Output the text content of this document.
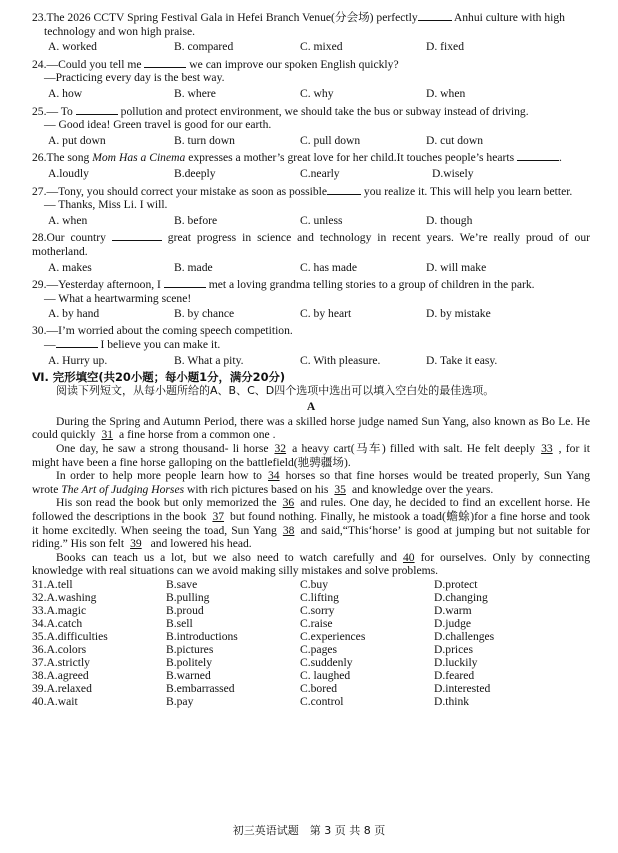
23.The 2026 CCTV Spring Festival Gala in Hefei Branch Venue(分会场) perfectly	Anhui culture with high technology and won high praise.

A. worked	B. compared	C. mixed	D. fixed

24.—Could you tell me	we can improve our spoken English quickly?

—Practicing every day is the best way.

A. how	B. where	C. why	D. when

25.— To	pollution and protect environment, we should take the bus or subway instead of driving.

— Good idea! Green travel is good for our earth.

A. put down	B. turn down	C. pull down	D. cut down

26.The song Mom Has a Cinema expresses a mother’s great love for her child.It touches people’s hearts	.

A.loudly	B.deeply	C.nearly	D.wisely

27.—Tony, you should correct your mistake as soon as possible	you realize it. This will help you learn better.

— Thanks, Miss Li. I will.

A. when	B. before	C. unless	D. though

28.Our country	great progress in science and technology in recent years. We’re really proud of our motherland.

A. makes	B. made	C. has made	D. will make

29.—Yesterday afternoon, I	met a loving grandma telling stories to a group of children in the park.

— What a heartwarming scene!

A. by hand	B. by chance	C. by heart	D. by mistake

30.—I’m worried about the coming speech competition.

—	I believe you can make it.

A. Hurry up.	B. What a pity.	C. With pleasure.	D. Take it easy.

Ⅵ. 完形填空(共20小题；每小题1分，满分20分)

阅读下列短文，从每小题所给的A、B、C、D四个选项中选出可以填入空白处的最佳选项。

A

During the Spring and Autumn Period, there was a skilled horse judge named Sun Yang, also known as Bo Le. He could quickly 31 a fine horse from a common one .

One day, he saw a strong thousand- li horse 32 a heavy cart(马车) filled with salt. He felt deeply 33 , for it might have been a fine horse galloping on the battlefield(驰骋疆场).

In order to help more people learn how to 34 horses so that fine horses would be treated properly, Sun Yang wrote The Art of Judging Horses with rich pictures based on his 35 and knowledge over the years.

His son read the book but only memorized the 36 and rules. One day, he decided to find an excellent horse. He followed the descriptions in the book 37 but found nothing. Finally, he mistook a toad(蟾蜍)for a fine horse and took it home excitedly. When seeing the toad, Sun Yang 38 and said,“This‘horse’ is good at jumping but not suitable for riding.” His son felt 39 and lowered his head.

Books can teach us a lot, but we also need to watch carefully and 40 for ourselves. Only by connecting knowledge with real situations can we avoid making silly mistakes and solve problems.

31.A.tell	B.save	C.buy	D.protect
32.A.washing	B.pulling	C.lifting	D.changing
33.A.magic	B.proud	C.sorry	D.warm
34.A.catch	B.sell	C.raise	D.judge
35.A.difficulties	B.introductions	C.experiences	D.challenges
36.A.colors	B.pictures	C.pages	D.prices
37.A.strictly	B.politely	C.suddenly	D.luckily
38.A.agreed	B.warned	C. laughed	D.feared
39.A.relaxed	B.embarrassed	C.bored	D.interested
40.A.wait	B.pay	C.control	D.think
初三英语试题　第 3 页 共 8 页
